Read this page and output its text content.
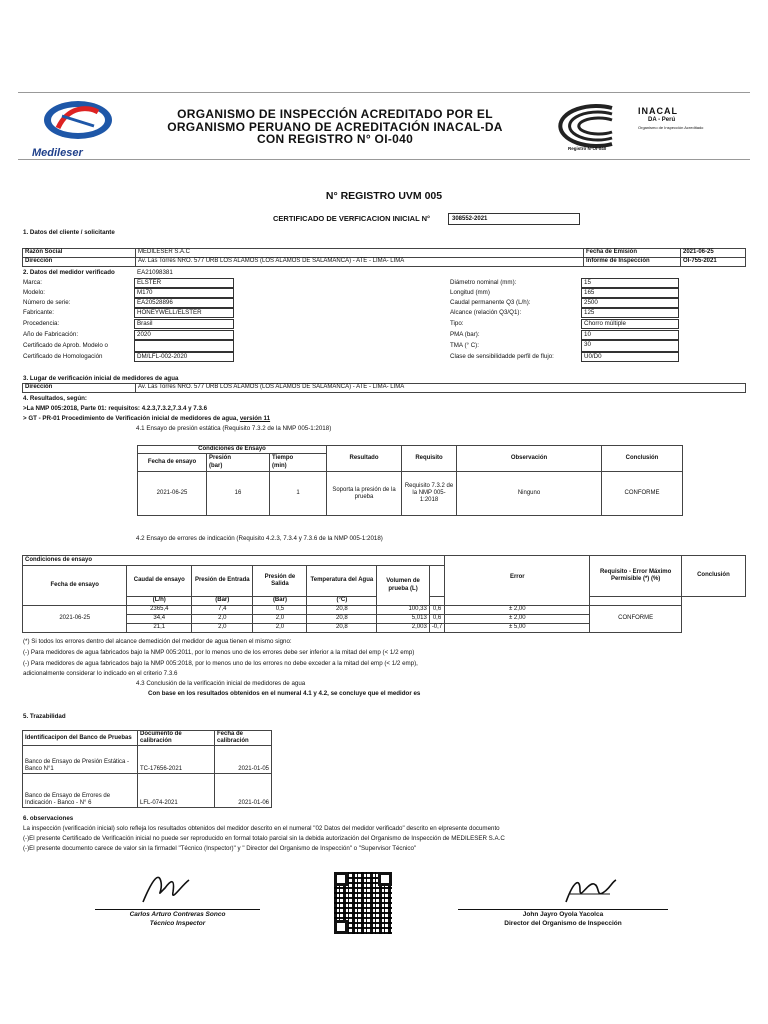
Medileser
ORGANISMO DE INSPECCIÓN ACREDITADO POR EL
ORGANISMO PERUANO DE ACREDITACIÓN INACAL-DA
CON REGISTRO N° OI-040
INACAL
DA - Perú
Organismo de Inspección Acreditado
Registro N°OI-040
N° REGISTRO UVM 005
CERTIFICADO DE VERFICACION INICIAL N°	308552-2021
1. Datos del cliente / solicitante
Razón Social	MEDILESER S.A.C	Fecha de Emisión	2021-06-25
Dirección	Av. Las Torres NRO. 577 URB LOS ALAMOS (LOS ALAMOS DE SALAMANCA) - ATE - LIMA- LIMA	Informe de Inspección	OI-755-2021
2. Datos del medidor verificado	EA21098381
Marca:	ELSTER
Modelo:	M170
Número de serie:	EA20528896
Fabricante:	HONEYWELL/ELSTER
Procedencia:	Brasil
Año de Fabricación:	2020
Certificado de Aprob. Modelo o
Certificado de Homologación	DM/LFL-002-2020
Diámetro nominal (mm):	15
Longitud (mm)	165
Caudal permanente Q3 (L/h):	2500
Alcance (relación Q3/Q1):	125
Tipo:	Chorro múltiple
PMA (bar):	10
TMA (° C):	30
Clase de sensibilidadde perfil de flujo:	U0/D0
3. Lugar de verificación inicial de medidores de agua
Dirección	Av. Las Torres NRO. 577 URB LOS ALAMOS (LOS ALAMOS DE SALAMANCA) - ATE - LIMA- LIMA
4. Resultados, según:
>La NMP 005:2018, Parte 01: requisitos: 4.2.3,7.3.2,7.3.4 y 7.3.6
> GT - PR-01 Procedimiento de Verificación inicial de medidores de agua, versión 11
4.1 Ensayo de presión estática (Requisito 7.3.2 de la NMP 005-1:2018)
Condiciones de Ensayo			Resultado	Requisito	Observación	Conclusión
Fecha de ensayo	Presión	Tiempo				
	(bar)	(min)				
2021-06-25	16	1	Soporta la presión de la prueba	Requisito 7.3.2 de la NMP 005-1:2018	Ninguno	CONFORME
4.2 Ensayo de errores de indicación (Requisito 4.2.3, 7.3.4 y 7.3.6 de la NMP 005-1:2018)
Condiciones de ensayo							Error	Requisito - Error Máximo Permisible (*) (%)	Conclusión
Fecha de ensayo	Caudal de ensayo	Presión de Entrada	Presión de Salida	Temperatura del Agua	Volumen de prueba (L)				
	(L/h)	(Bar)	(Bar)	(°C)					
2021-06-25	2365,4	7,4	0,5	20,8	100,33	0,6	± 2,00	CONFORME	
	34,4	2,0	2,0	20,8	5,013	0,6	± 2,00		
	21,1	2,0	2,0	20,8	2,003	-0,7	± 5,00		
(*) Si todos los errores dentro del alcance demedición del medidor de agua tienen el mismo signo:
(-) Para medidores de agua fabricados bajo la NMP 005:2011, por lo menos uno de los errores debe ser inferior a la mitad del emp (< 1/2 emp)
(-) Para medidores de agua fabricados bajo la NMP 005:2018, por lo menos uno de los errores no debe exceder a la mitad del emp (< 1/2 emp),
adicionalmente considerar lo indicado en el criterio 7.3.6
4.3 Conclusión de la verificación inicial de medidores de agua
Con base en los resultados obtenidos en el numeral 4.1 y 4.2, se concluye que el medidor es
5. Trazabilidad
Identificacipon del Banco de Pruebas	Documento de calibración	Fecha de calibración
Banco de Ensayo de Presión Estática - Banco N°1	TC-17656-2021	2021-01-05
Banco de Ensayo de Errores de Indicación - Banco - N° 6	LFL-074-2021	2021-01-06
6. observaciones
La inspección (verificación inicial) solo refleja los resultados obtenidos del medidor descrito en el numeral "02 Datos del medidor verificado" descrito en elpresente documento
(-)El presente Certificado de Verificación inicial no puede ser reproducido en formal totalo parcial sin la debida autorización del Organismo de Inspección de MEDILESER S.A.C
(-)El presente documento carece de valor sin la firmadel "Técnico (Inspector)" y " Director del Organismo de Inspección" o "Supervisor Técnico"
Carlos Arturo Contreras Sonco
Técnico Inspector
John Jayro Oyola Yacolca
Director del Organismo de Inspección
